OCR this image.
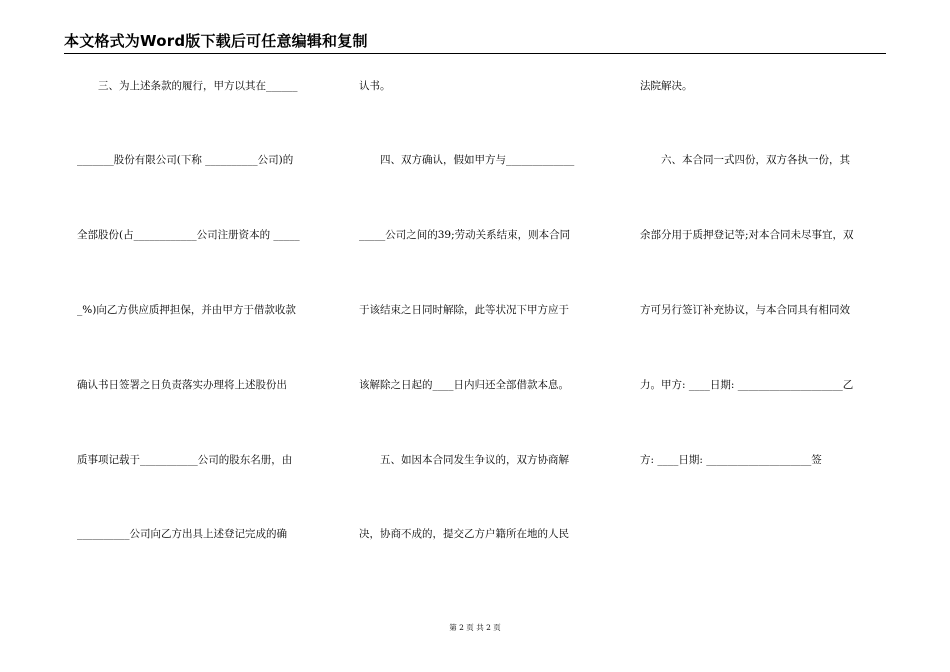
本文格式为Word版下载后可任意编辑和复制
　　三、为上述条款的履行，甲方以其在______
_______股份有限公司(下称 __________公司)的
全部股份(占____________公司注册资本的 _____
_%)向乙方供应质押担保，并由甲方于借款收款
确认书日签署之日负责落实办理将上述股份出
质事项记载于___________公司的股东名册，由
__________公司向乙方出具上述登记完成的确
认书。
　　四、双方确认，假如甲方与_____________
_____公司之间的39;劳动关系结束，则本合同
于该结束之日同时解除，此等状况下甲方应于
该解除之日起的____日内归还全部借款本息。
　　五、如因本合同发生争议的，双方协商解
决，协商不成的，提交乙方户籍所在地的人民
法院解决。
　　六、本合同一式四份，双方各执一份，其
余部分用于质押登记等;对本合同未尽事宜，双
方可另行签订补充协议，与本合同具有相同效
力。甲方: ____日期: ____________________乙
方: ____日期: ____________________签
第 2 页 共 2 页
